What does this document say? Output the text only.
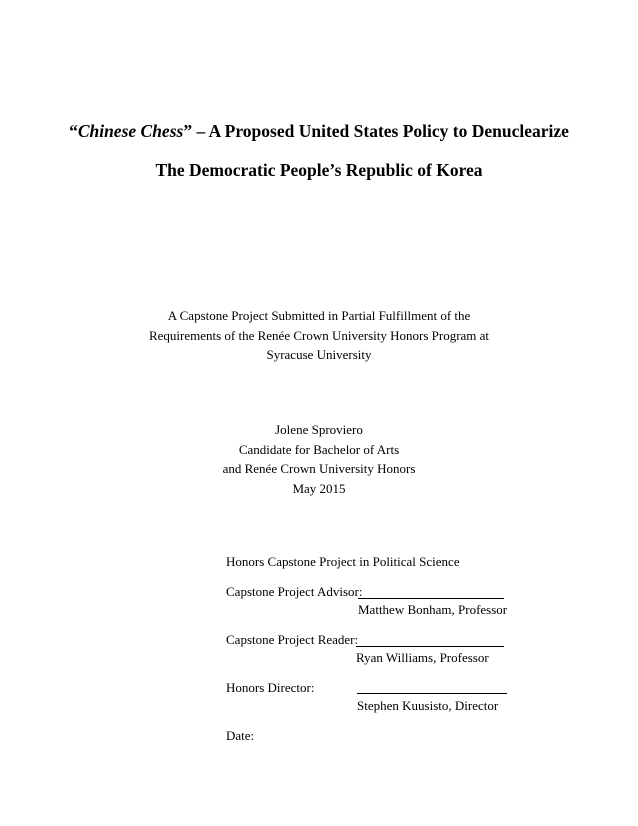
“Chinese Chess” – A Proposed United States Policy to Denuclearize
The Democratic People’s Republic of Korea
A Capstone Project Submitted in Partial Fulfillment of the
Requirements of the Renée Crown University Honors Program at
Syracuse University
Jolene Sproviero
Candidate for Bachelor of Arts
and Renée Crown University Honors
May 2015
Honors Capstone Project in Political Science
Capstone Project Advisor:
Matthew Bonham, Professor
Capstone Project Reader:
Ryan Williams, Professor
Honors Director:
Stephen Kuusisto, Director
Date:
